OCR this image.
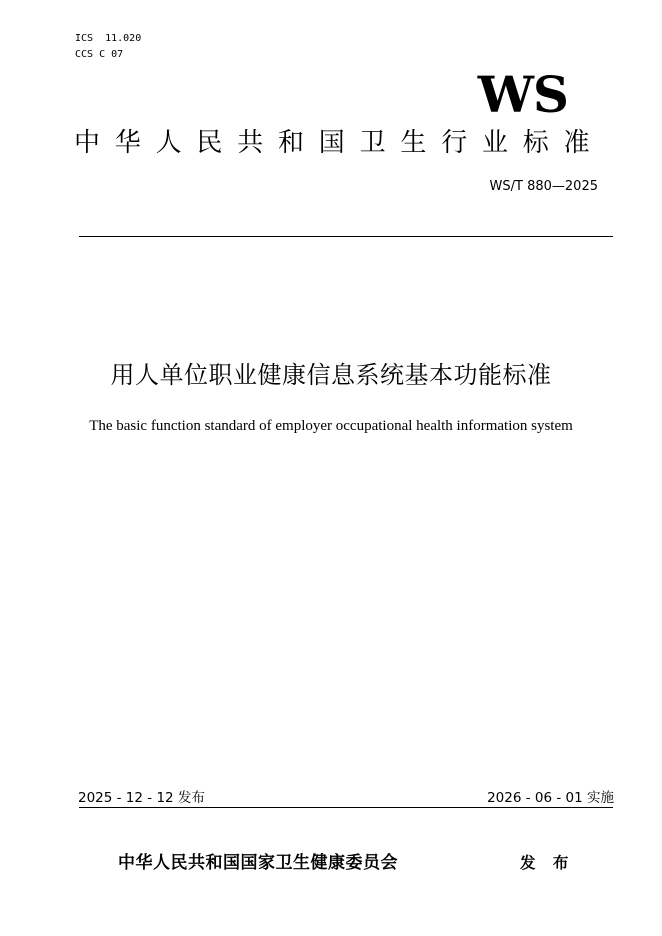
ICS  11.020
CCS C 07
WS
中华人民共和国卫生行业标准
WS/T 880—2025
用人单位职业健康信息系统基本功能标准
The basic function standard of employer occupational health information system
2025 - 12 - 12 发布	2026 - 06 - 01 实施
中华人民共和国国家卫生健康委员会	发 布
